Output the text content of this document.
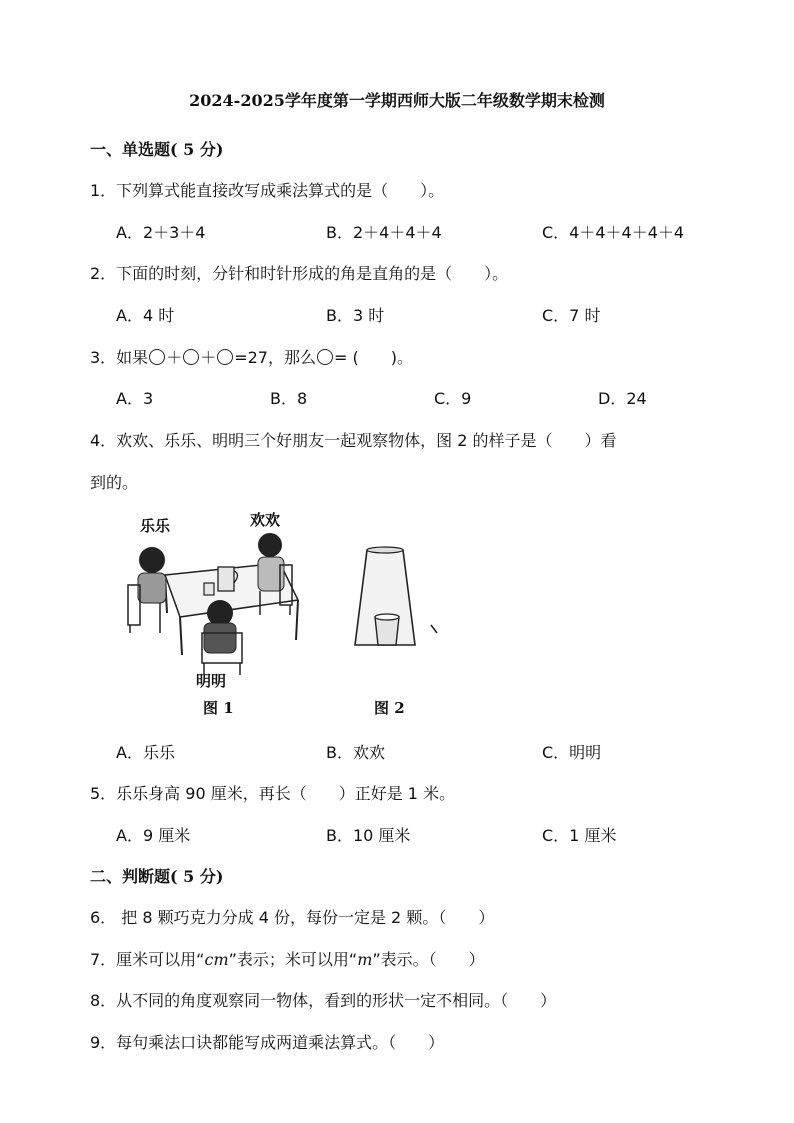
2024-2025学年度第一学期西师大版二年级数学期末检测
一、单选题( 5 分)
1．下列算式能直接改写成乘法算式的是（　　）。
A．2＋3＋4	B．2＋4＋4＋4	C．4＋4＋4＋4＋4
2．下面的时刻，分针和时针形成的角是直角的是（　　）。
A．4 时	B．3 时	C．7 时
3．如果 ＋ ＋ =27，那么 = (　　)。
A．3	B．8	C．9	D．24
4．欢欢、乐乐、明明三个好朋友一起观察物体，图 2 的样子是（　　）看
到的。
乐乐	欢欢
明明
图 1	图 2
A．乐乐	B．欢欢	C．明明
5．乐乐身高 90 厘米，再长（　　）正好是 1 米。
A．9 厘米	B．10 厘米	C．1 厘米
二、判断题( 5 分)
6． 把 8 颗巧克力分成 4 份，每份一定是 2 颗。（　　）
7．厘米可以用“cm”表示；米可以用“m”表示。（　　）
8．从不同的角度观察同一物体，看到的形状一定不相同。（　　）
9．每句乘法口诀都能写成两道乘法算式。（　　）
